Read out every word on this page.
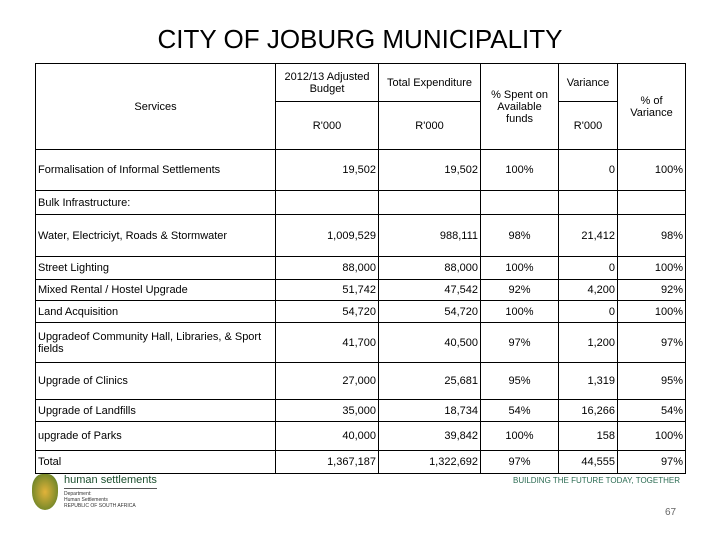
CITY OF JOBURG MUNICIPALITY
Services	2012/13 Adjusted Budget	Total Expenditure	% Spent on Available funds	Variance	% of Variance
	R'000	R'000		R'000	
Formalisation of Informal Settlements	19,502	19,502	100%	0	100%
Bulk Infrastructure:					
Water, Electriciyt, Roads & Stormwater	1,009,529	988,111	98%	21,412	98%
Street Lighting	88,000	88,000	100%	0	100%
Mixed Rental / Hostel Upgrade	51,742	47,542	92%	4,200	92%
Land Acquisition	54,720	54,720	100%	0	100%
Upgradeof Community Hall, Libraries, & Sport fields	41,700	40,500	97%	1,200	97%
Upgrade of Clinics	27,000	25,681	95%	1,319	95%
Upgrade of Landfills	35,000	18,734	54%	16,266	54%
upgrade of Parks	40,000	39,842	100%	158	100%
Total	1,367,187	1,322,692	97%	44,555	97%
human settlements
Department:
Human Settlements
REPUBLIC OF SOUTH AFRICA
BUILDING THE FUTURE TODAY, TOGETHER
67
